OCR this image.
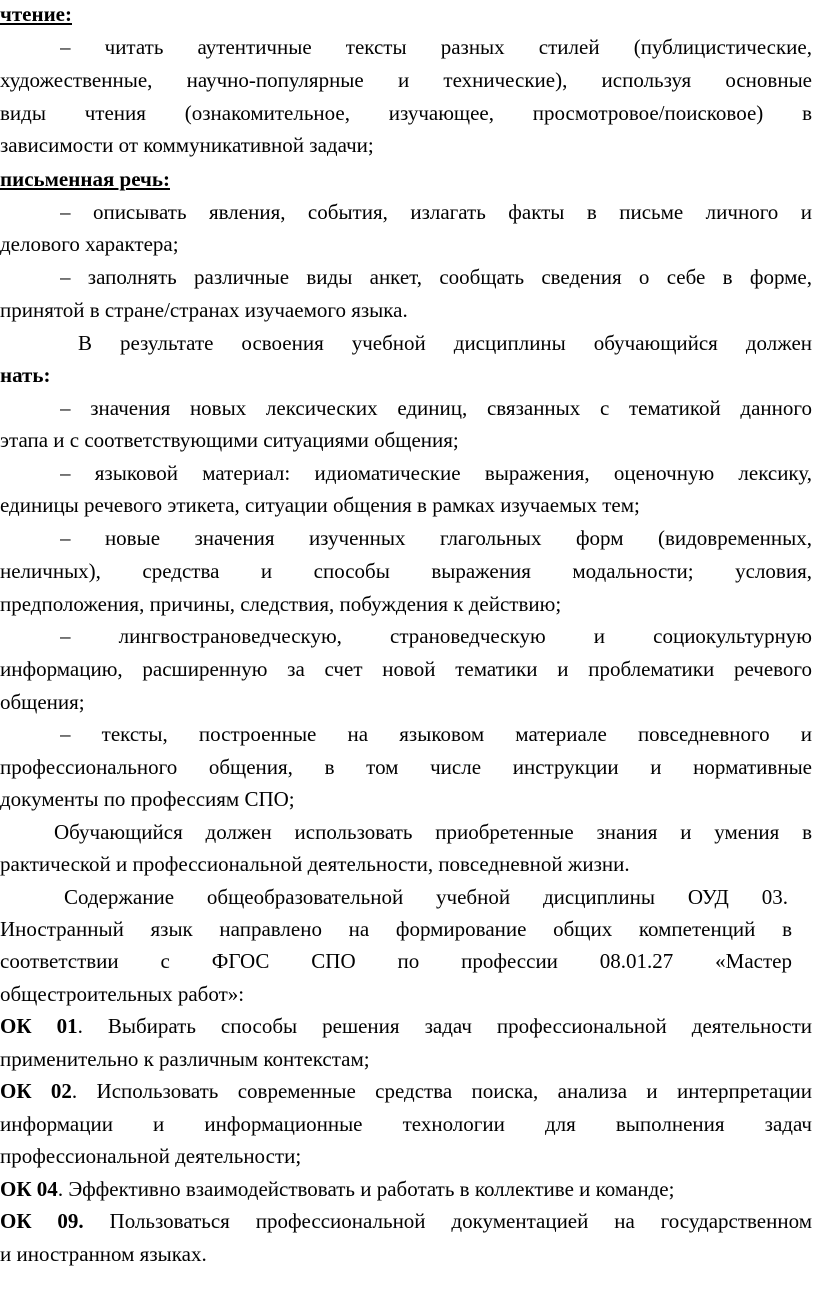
чтение:
– читать аутентичные тексты разных стилей (публицистические,
художественные, научно-популярные и технические), используя основные
виды чтения (ознакомительное, изучающее, просмотровое/поисковое) в
зависимости от коммуникативной задачи;
письменная речь:
– описывать явления, события, излагать факты в письме личного и
делового характера;
– заполнять различные виды анкет, сообщать сведения о себе в форме,
принятой в стране/странах изучаемого языка.
В результате освоения учебной дисциплины обучающийся должен
нать:
– значения новых лексических единиц, связанных с тематикой данного
этапа и с соответствующими ситуациями общения;
– языковой материал: идиоматические выражения, оценочную лексику,
единицы речевого этикета, ситуации общения в рамках изучаемых тем;
– новые значения изученных глагольных форм (видовременных,
неличных), средства и способы выражения модальности; условия,
предположения, причины, следствия, побуждения к действию;
– лингвострановедческую, страноведческую и социокультурную
информацию, расширенную за счет новой тематики и проблематики речевого
общения;
– тексты, построенные на языковом материале повседневного и
профессионального общения, в том числе инструкции и нормативные
документы по профессиям СПО;
Обучающийся должен использовать приобретенные знания и умения в
рактической и профессиональной деятельности, повседневной жизни.
Содержание общеобразовательной учебной дисциплины ОУД 03.
Иностранный язык направлено на формирование общих компетенций в
соответствии с ФГОС СПО по профессии 08.01.27 «Мастер
общестроительных работ»:
ОК 01. Выбирать способы решения задач профессиональной деятельности
применительно к различным контекстам;
ОК 02. Использовать современные средства поиска, анализа и интерпретации
информации и информационные технологии для выполнения задач
профессиональной деятельности;
ОК 04. Эффективно взаимодействовать и работать в коллективе и команде;
ОК 09. Пользоваться профессиональной документацией на государственном
и иностранном языках.
